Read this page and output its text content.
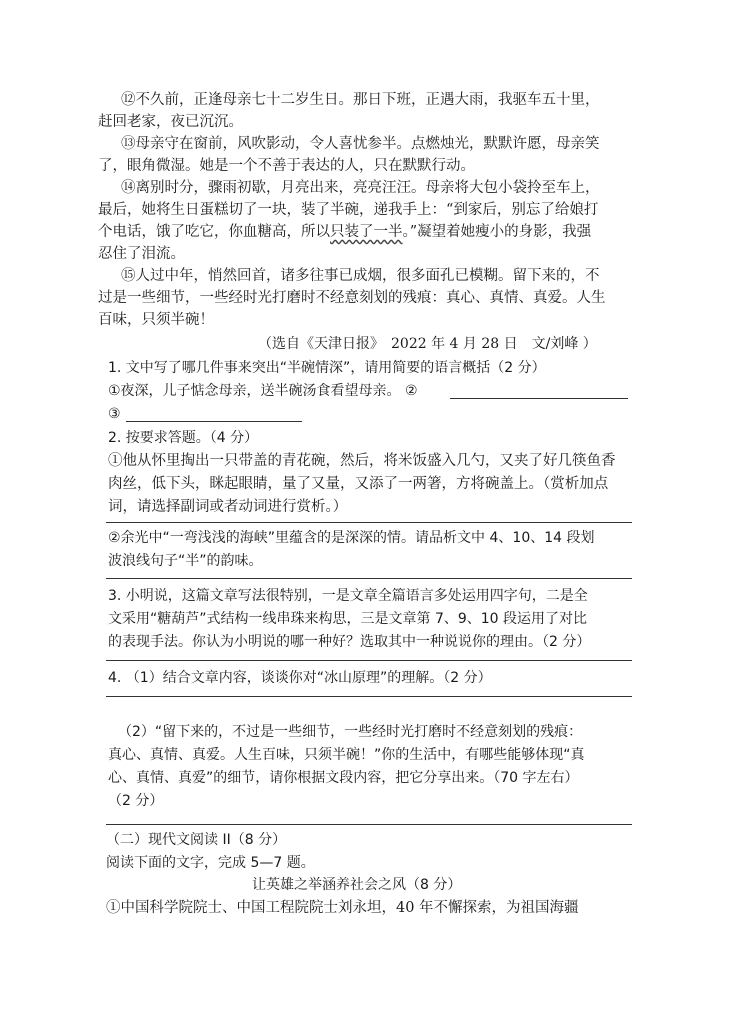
⑫不久前，正逢母亲七十二岁生日。那日下班，正遇大雨，我驱车五十里，
赶回老家，夜已沉沉。
⑬母亲守在窗前，风吹影动，令人喜忧参半。点燃烛光，默默许愿，母亲笑
了，眼角微湿。她是一个不善于表达的人，只在默默行动。
⑭离别时分，骤雨初歇，月亮出来，亮亮汪汪。母亲将大包小袋拎至车上，
最后，她将生日蛋糕切了一块，装了半碗，递我手上：“到家后，别忘了给娘打
个电话，饿了吃它，你血糖高，所以只装了一半。”凝望着她瘦小的身影，我强
忍住了泪流。
⑮人过中年，悄然回首，诸多往事已成烟，很多面孔已模糊。留下来的，不
过是一些细节，一些经时光打磨时不经意刻划的残痕：真心、真情、真爱。人生
百味，只须半碗！
（选自《天津日报》　2022 年 4 月 28 日　文/刘峰 ）
1. 文中写了哪几件事来突出“半碗情深”，请用简要的语言概括（2 分）
①夜深，儿子惦念母亲，送半碗汤食看望母亲。 ②
③
2. 按要求答题。（4 分）
①他从怀里掏出一只带盖的青花碗，然后，将米饭盛入几勺，又夹了好几筷鱼香
肉丝，低下头，眯起眼睛，量了又量，又添了一两箸，方将碗盖上。（赏析加点
词，请选择副词或者动词进行赏析。）
②余光中“一弯浅浅的海峡”里蕴含的是深深的情。请品析文中 4、10、14 段划
波浪线句子“半”的韵味。
3. 小明说，这篇文章写法很特别，一是文章全篇语言多处运用四字句，二是全
文采用“糖葫芦”式结构一线串珠来构思，三是文章第 7、9、10 段运用了对比
的表现手法。你认为小明说的哪一种好？选取其中一种说说你的理由。（2 分）
4. （1）结合文章内容，谈谈你对“冰山原理”的理解。（2 分）
（2）“留下来的，不过是一些细节，一些经时光打磨时不经意刻划的残痕：
真心、真情、真爱。人生百味，只须半碗！”你的生活中，有哪些能够体现“真
心、真情、真爱”的细节，请你根据文段内容，把它分享出来。（70 字左右）
（2 分）
（二）现代文阅读 II（8 分）
阅读下面的文字，完成 5—7 题。
让英雄之举涵养社会之风（8 分）
①中国科学院院士、中国工程院院士刘永坦，40 年不懈探索，为祖国海疆
